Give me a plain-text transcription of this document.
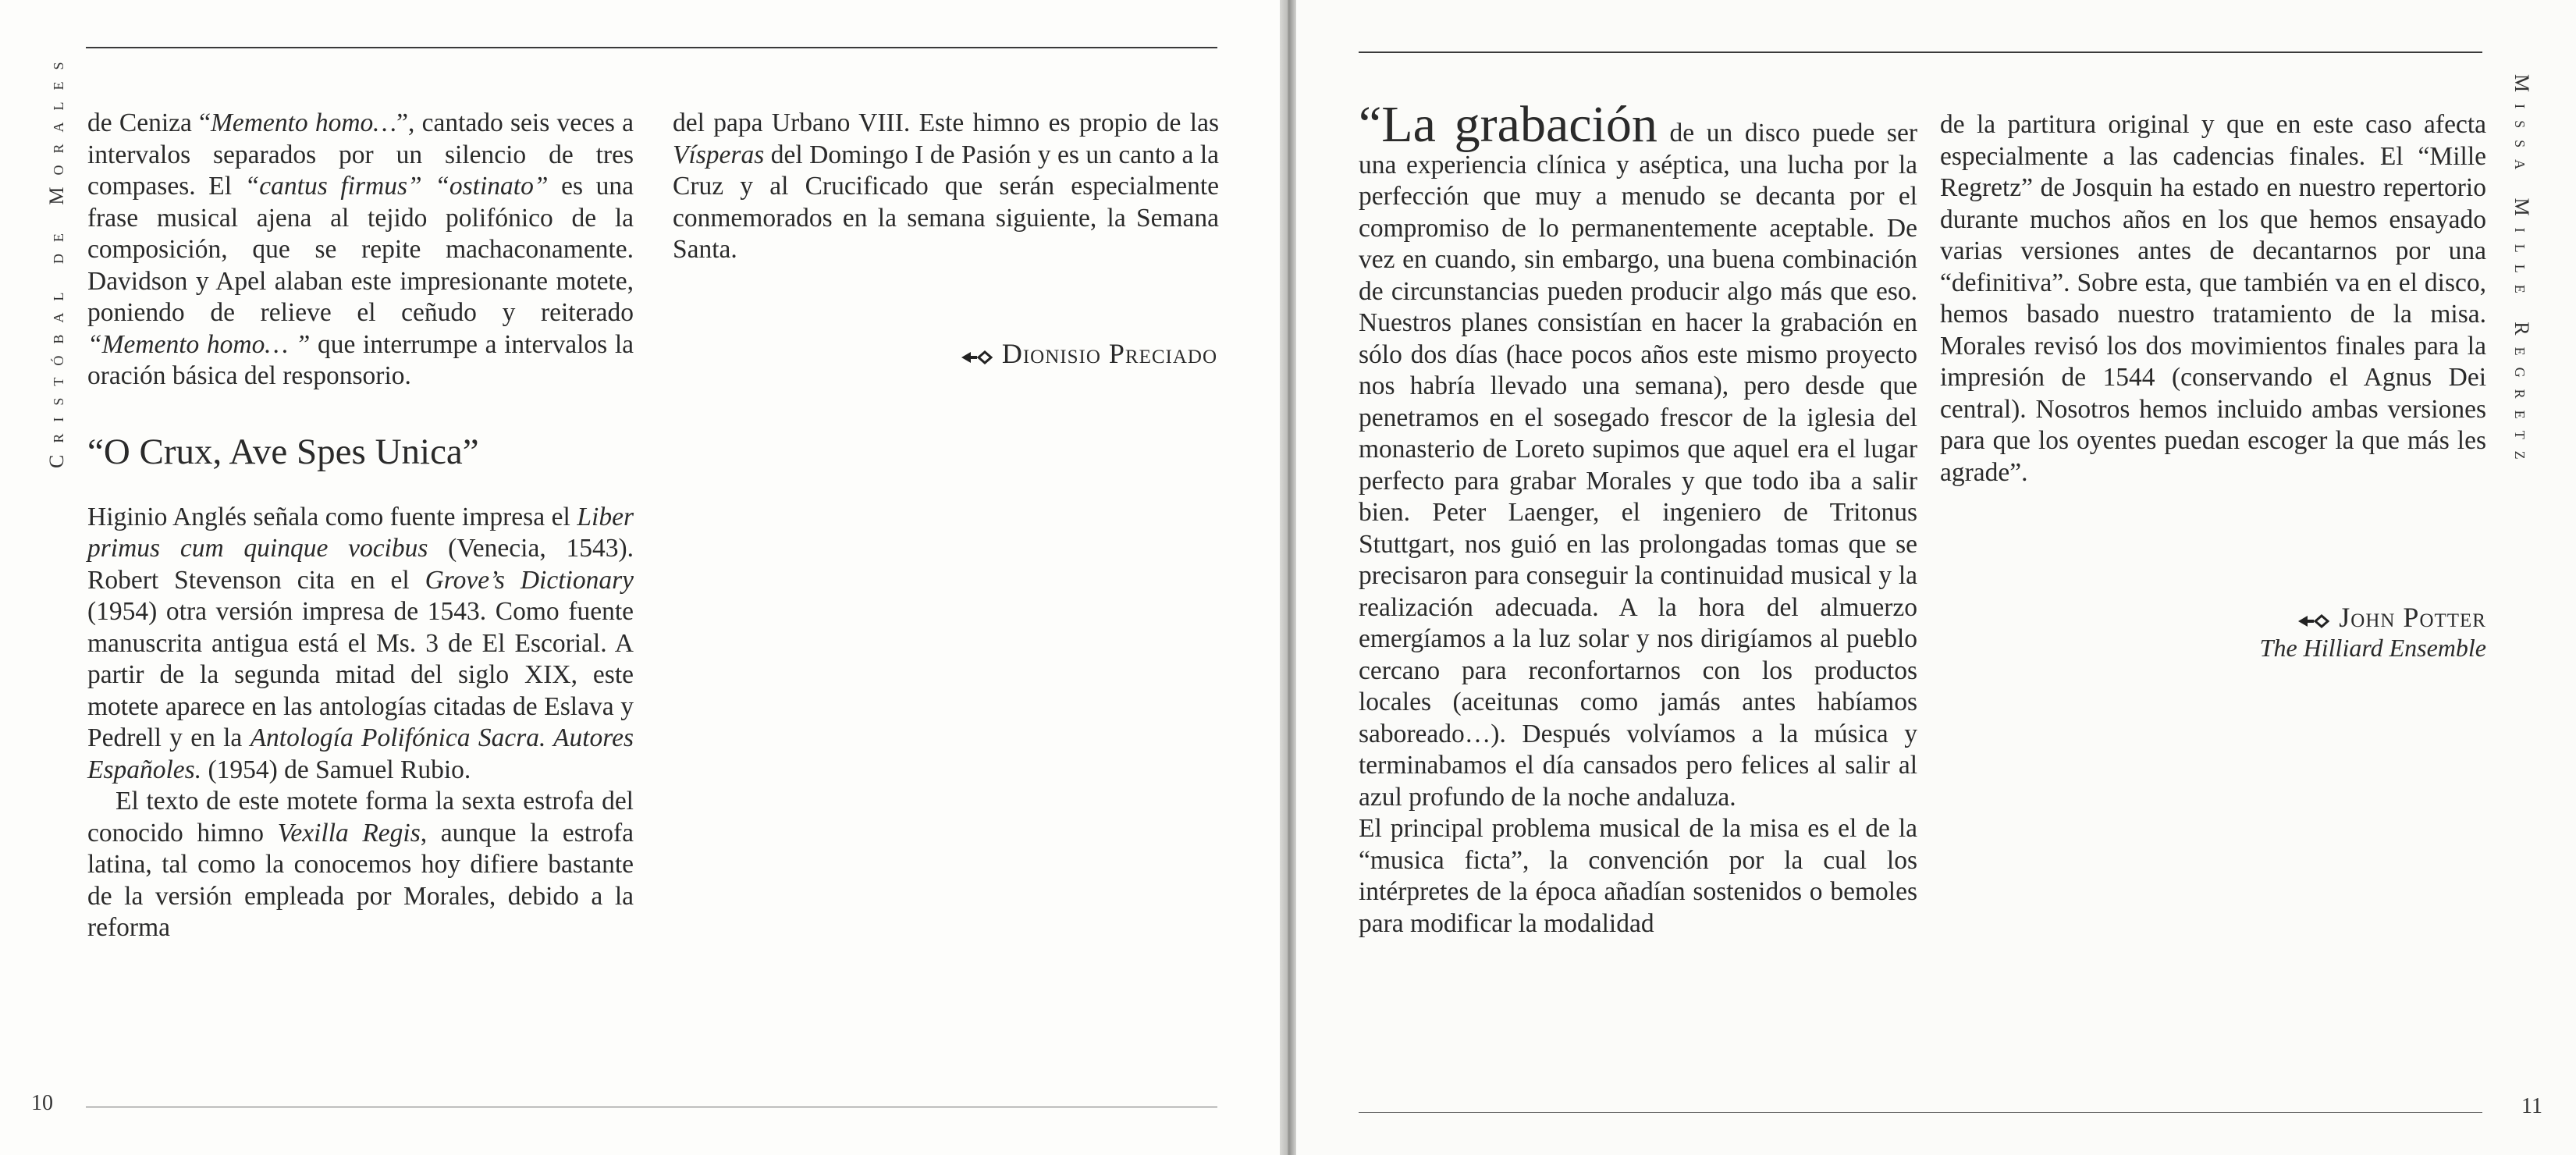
Cristóbal de Morales de Ceniza “Memento homo…”, cantado seis veces a intervalos separados por un silencio de tres compases. El “cantus firmus” “ostinato” es una frase musical ajena al tejido polifónico de la composición, que se repite machaconamente. Davidson y Apel alaban este impresionante motete, poniendo de relieve el ceñudo y reiterado “Memento homo… ” que interrumpe a intervalos la oración básica del responsorio.

“O Crux, Ave Spes Unica”

Higinio Anglés señala como fuente impresa el Liber primus cum quinque vocibus (Venecia, 1543). Robert Stevenson cita en el Grove’s Dictionary (1954) otra versión impresa de 1543. Como fuente manuscrita antigua está el Ms. 3 de El Escorial. A partir de la segunda mitad del siglo XIX, este motete aparece en las antologías citadas de Eslava y Pedrell y en la Antología Polifónica Sacra. Autores Españoles. (1954) de Samuel Rubio.

El texto de este motete forma la sexta estrofa del conocido himno Vexilla Regis, aunque la estrofa latina, tal como la conocemos hoy difiere bastante de la versión empleada por Morales, debido a la reforma

del papa Urbano VIII. Este himno es propio de las Vísperas del Domingo I de Pasión y es un canto a la Cruz y al Crucificado que serán especialmente conmemorados en la semana siguiente, la Semana Santa.

Dionisio Preciado
10
Missa Mille Regretz

“La grabación de un disco puede ser una experiencia clínica y aséptica, una lucha por la perfección que muy a menudo se decanta por el compromiso de lo permanentemente aceptable. De vez en cuando, sin embargo, una buena combinación de circunstancias pueden producir algo más que eso. Nuestros planes consistían en hacer la grabación en sólo dos días (hace pocos años este mismo proyecto nos habría llevado una semana), pero desde que penetramos en el sosegado frescor de la iglesia del monasterio de Loreto supimos que aquel era el lugar perfecto para grabar Morales y que todo iba a salir bien. Peter Laenger, el ingeniero de Tritonus Stuttgart, nos guió en las prolongadas tomas que se precisaron para conseguir la continuidad musical y la realización adecuada. A la hora del almuerzo emergíamos a la luz solar y nos dirigíamos al pueblo cercano para reconfortarnos con los productos locales (aceitunas como jamás antes habíamos saboreado…). Después volvíamos a la música y terminabamos el día cansados pero felices al salir al azul profundo de la noche andaluza.

El principal problema musical de la misa es el de la “musica ficta”, la convención por la cual los intérpretes de la época añadían sostenidos o bemoles para modificar la modalidad

de la partitura original y que en este caso afecta especialmente a las cadencias finales. El “Mille Regretz” de Josquin ha estado en nuestro repertorio durante muchos años en los que hemos ensayado varias versiones antes de decantarnos por una “definitiva”. Sobre esta, que también va en el disco, hemos basado nuestro tratamiento de la misa. Morales revisó los dos movimientos finales para la impresión de 1544 (conservando el Agnus Dei central). Nosotros hemos incluido ambas versiones para que los oyentes puedan escoger la que más les agrade”.

John Potter
The Hilliard Ensemble
11
